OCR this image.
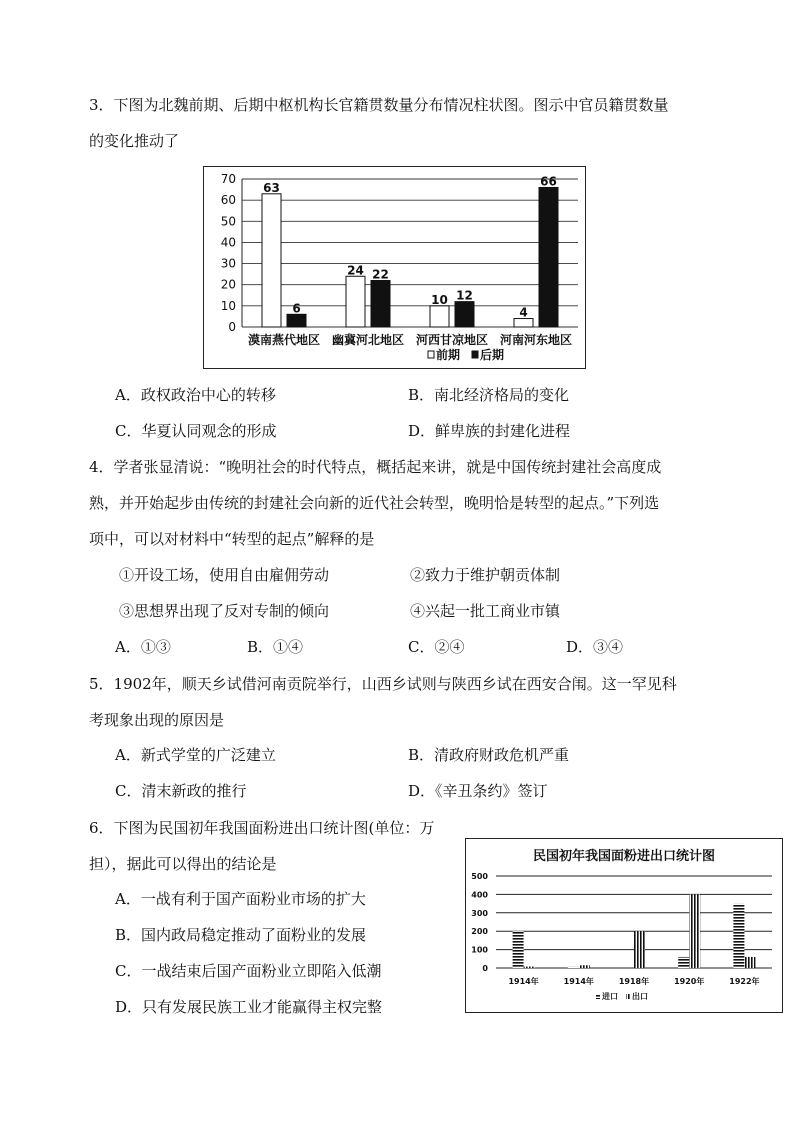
3．下图为北魏前期、后期中枢机构长官籍贯数量分布情况柱状图。图示中官员籍贯数量
的变化推动了
0
10
20
30
40
50
60
70
63
6
漠南燕代地区
24 22
幽冀河北地区
10 12
河西甘凉地区
4
66
河南河东地区
前期 后期
A．政权政治中心的转移	B．南北经济格局的变化
C．华夏认同观念的形成	D．鲜卑族的封建化进程
4．学者张显清说：“晚明社会的时代特点，概括起来讲，就是中国传统封建社会高度成
熟，并开始起步由传统的封建社会向新的近代社会转型，晚明恰是转型的起点。”下列选
项中，可以对材料中“转型的起点”解释的是
①开设工场，使用自由雇佣劳动	②致力于维护朝贡体制
③思想界出现了反对专制的倾向	④兴起一批工商业市镇
A．①③	B．①④	C．②④	D．③④
5．1902年，顺天乡试借河南贡院举行，山西乡试则与陕西乡试在西安合闱。这一罕见科
考现象出现的原因是
A．新式学堂的广泛建立	B．清政府财政危机严重
C．清末新政的推行	D．《辛丑条约》签订
6．下图为民国初年我国面粉进出口统计图(单位：万
担），据此可以得出的结论是
A．一战有利于国产面粉业市场的扩大
B．国内政局稳定推动了面粉业的发展
C．一战结束后国产面粉业立即陷入低潮
D．只有发展民族工业才能赢得主权完整
民国初年我国面粉进出口统计图
0
100
200
300
400
500
1914年	1914年	1918年	1920年	1922年
进口 出口
